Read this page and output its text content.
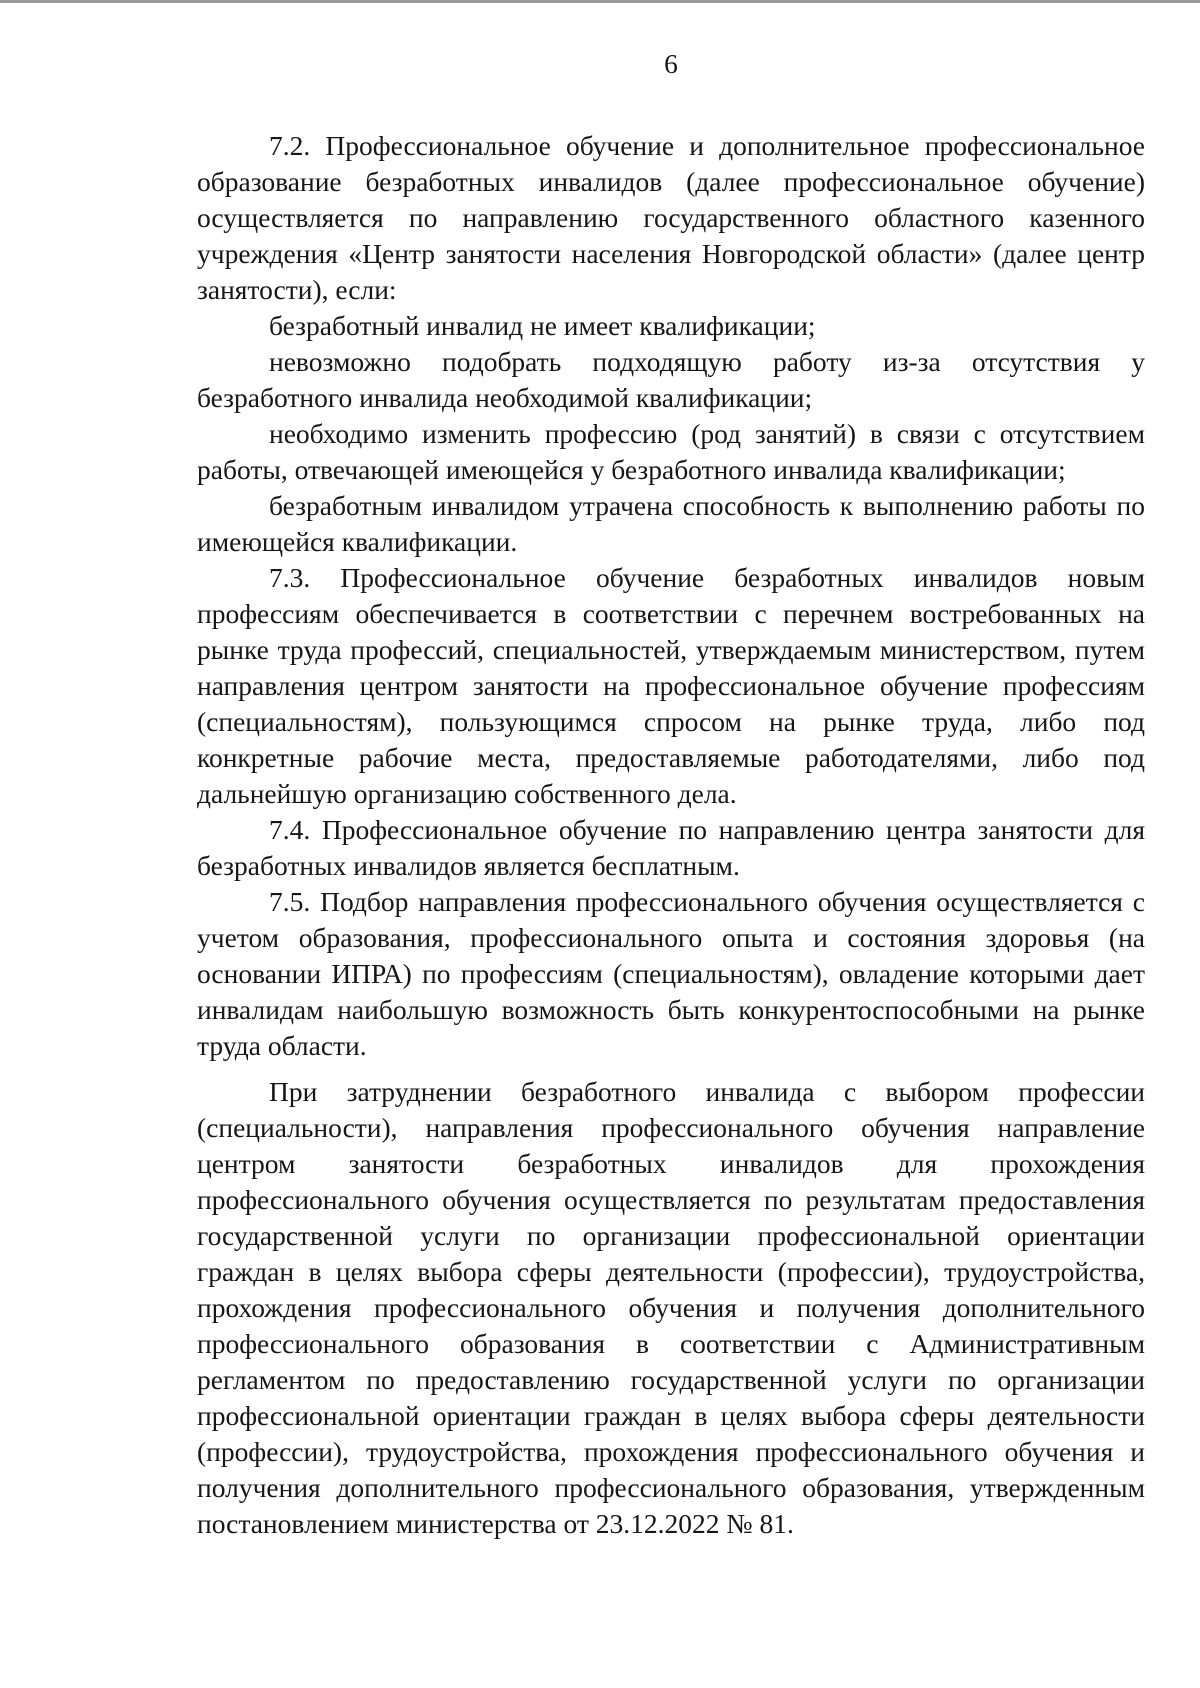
6

7.2. Профессиональное обучение и дополнительное профессиональное образование безработных инвалидов (далее профессиональное обучение) осуществляется по направлению государственного областного казенного учреждения «Центр занятости населения Новгородской области» (далее центр занятости), если:

безработный инвалид не имеет квалификации;

невозможно подобрать подходящую работу из-за отсутствия у безработного инвалида необходимой квалификации;

необходимо изменить профессию (род занятий) в связи с отсутствием работы, отвечающей имеющейся у безработного инвалида квалификации;

безработным инвалидом утрачена способность к выполнению работы по имеющейся квалификации.

7.3. Профессиональное обучение безработных инвалидов новым профессиям обеспечивается в соответствии с перечнем востребованных на рынке труда профессий, специальностей, утверждаемым министерством, путем направления центром занятости на профессиональное обучение профессиям (специальностям), пользующимся спросом на рынке труда, либо под конкретные рабочие места, предоставляемые работодателями, либо под дальнейшую организацию собственного дела.

7.4. Профессиональное обучение по направлению центра занятости для безработных инвалидов является бесплатным.

7.5. Подбор направления профессионального обучения осуществляется с учетом образования, профессионального опыта и состояния здоровья (на основании ИПРА) по профессиям (специальностям), овладение которыми дает инвалидам наибольшую возможность быть конкурентоспособными на рынке труда области.

При затруднении безработного инвалида с выбором профессии (специальности), направления профессионального обучения направление центром занятости безработных инвалидов для прохождения профессионального обучения осуществляется по результатам предоставления государственной услуги по организации профессиональной ориентации граждан в целях выбора сферы деятельности (профессии), трудоустройства, прохождения профессионального обучения и получения дополнительного профессионального образования в соответствии с Административным регламентом по предоставлению государственной услуги по организации профессиональной ориентации граждан в целях выбора сферы деятельности (профессии), трудоустройства, прохождения профессионального обучения и получения дополнительного профессионального образования, утвержденным постановлением министерства от 23.12.2022 № 81.
